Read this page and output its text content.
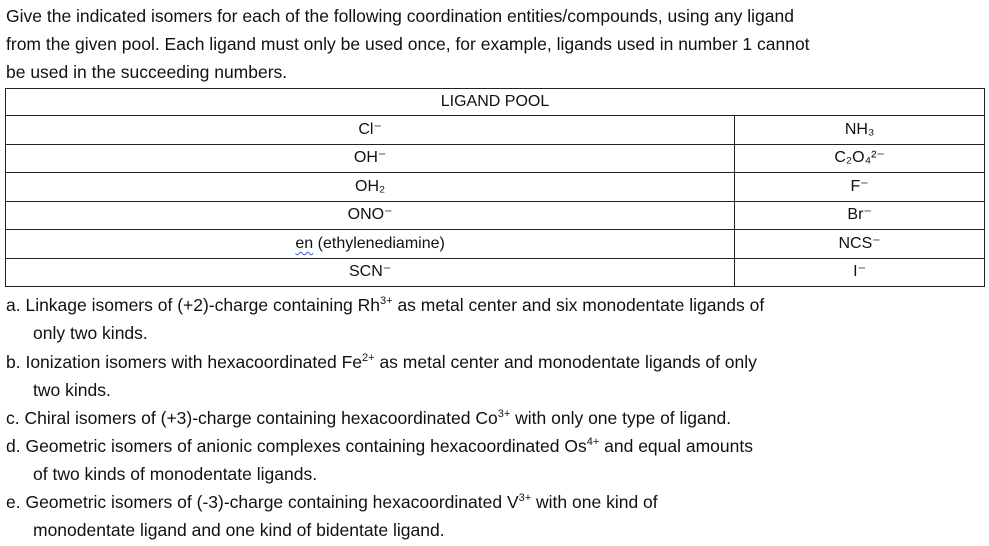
Give the indicated isomers for each of the following coordination entities/compounds, using any ligand
from the given pool. Each ligand must only be used once, for example, ligands used in number 1 cannot
be used in the succeeding numbers.
LIGAND POOL	
Cl⁻	NH₃
OH⁻	C₂O₄²⁻
OH₂	F⁻
ONO⁻	Br⁻
en (ethylenediamine)	NCS⁻
SCN⁻	I⁻
a. Linkage isomers of (+2)-charge containing $Rh^{3+}$ as metal center and six monodentate ligands of
only two kinds.
b. Ionization isomers with hexacoordinated $Fe^{2+}$ as metal center and monodentate ligands of only
two kinds.
c. Chiral isomers of (+3)-charge containing hexacoordinated $Co^{3+}$ with only one type of ligand.
d. Geometric isomers of anionic complexes containing hexacoordinated $Os^{4+}$ and equal amounts
of two kinds of monodentate ligands.
e. Geometric isomers of (-3)-charge containing hexacoordinated $V^{3+}$ with one kind of
monodentate ligand and one kind of bidentate ligand.
